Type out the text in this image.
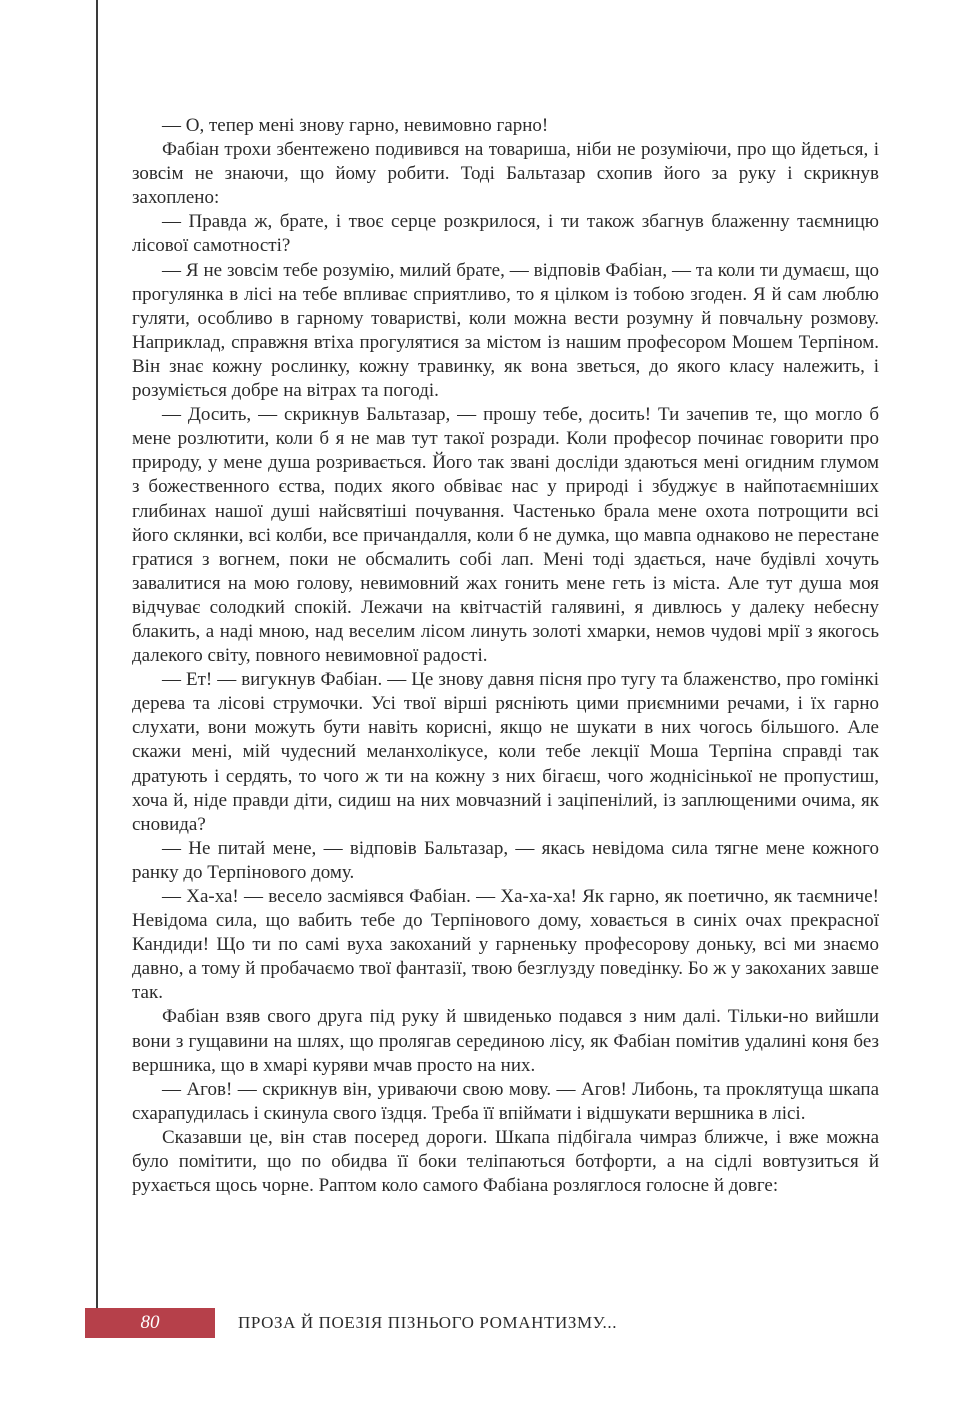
— О, тепер мені знову гарно, невимовно гарно!

Фабіан трохи збентежено подивився на товариша, ніби не розуміючи, про що йдеться, і зовсім не знаючи, що йому робити. Тоді Бальтазар схопив його за руку і скрикнув захоплено:

— Правда ж, брате, і твоє серце розкрилося, і ти також збагнув блаженну таємницю лісової самотності?

— Я не зовсім тебе розумію, милий брате, — відповів Фабіан, — та коли ти думаєш, що прогулянка в лісі на тебе впливає сприятливо, то я цілком із тобою згоден. Я й сам люблю гуляти, особливо в гарному товаристві, коли можна вести розумну й повчальну розмову. Наприклад, справжня втіха прогулятися за містом із нашим професором Мошем Терпіном. Він знає кожну рослинку, кожну травинку, як вона зветься, до якого класу належить, і розуміється добре на вітрах та погоді.

— Досить, — скрикнув Бальтазар, — прошу тебе, досить! Ти зачепив те, що могло б мене розлютити, коли б я не мав тут такої розради. Коли професор починає говорити про природу, у мене душа розривається. Його так звані досліди здаються мені огидним глумом з божественного єства, подих якого обвіває нас у природі і збуджує в найпотаємніших глибинах нашої душі найсвятіші почування. Частенько брала мене охота потрощити всі його склянки, всі колби, все причандалля, коли б не думка, що мавпа однаково не перестане гратися з вогнем, поки не обсмалить собі лап. Мені тоді здається, наче будівлі хочуть завалитися на мою голову, невимовний жах гонить мене геть із міста. Але тут душа моя відчуває солодкий спокій. Лежачи на квітчастій галявині, я дивлюсь у далеку небесну блакить, а наді мною, над веселим лісом линуть золоті хмарки, немов чудові мрії з якогось далекого світу, повного невимовної радості.

— Ет! — вигукнув Фабіан. — Це знову давня пісня про тугу та блаженство, про гомінкі дерева та лісові струмочки. Усі твої вірші рясніють цими приємними речами, і їх гарно слухати, вони можуть бути навіть корисні, якщо не шукати в них чогось більшого. Але скажи мені, мій чудесний меланхолікусе, коли тебе лекції Моша Терпіна справді так дратують і сердять, то чого ж ти на кожну з них бігаєш, чого жоднісінької не пропустиш, хоча й, ніде правди діти, сидиш на них мовчазний і заціпенілий, із заплющеними очима, як сновида?

— Не питай мене, — відповів Бальтазар, — якась невідома сила тягне мене кожного ранку до Терпінового дому.

— Ха-ха! — весело засміявся Фабіан. — Ха-ха-ха! Як гарно, як поетично, як таємниче! Невідома сила, що вабить тебе до Терпінового дому, ховається в синіх очах прекрасної Кандиди! Що ти по самі вуха закоханий у гарненьку професорову доньку, всі ми знаємо давно, а тому й пробачаємо твої фантазії, твою безглузду поведінку. Бо ж у закоханих завше так.

Фабіан взяв свого друга під руку й швиденько подався з ним далі. Тільки-но вийшли вони з гущавини на шлях, що пролягав серединою лісу, як Фабіан помітив удалині коня без вершника, що в хмарі куряви мчав просто на них.

— Агов! — скрикнув він, уриваючи свою мову. — Агов! Либонь, та проклятуща шкапа схарапудилась і скинула свого їздця. Треба її впіймати і відшукати вершника в лісі.

Сказавши це, він став посеред дороги. Шкапа підбігала чимраз ближче, і вже можна було помітити, що по обидва її боки теліпаються ботфорти, а на сідлі вовтузиться й рухається щось чорне. Раптом коло самого Фабіана розляглося голосне й довге:

80	ПРОЗА Й ПОЕЗІЯ ПІЗНЬОГО РОМАНТИЗМУ...
